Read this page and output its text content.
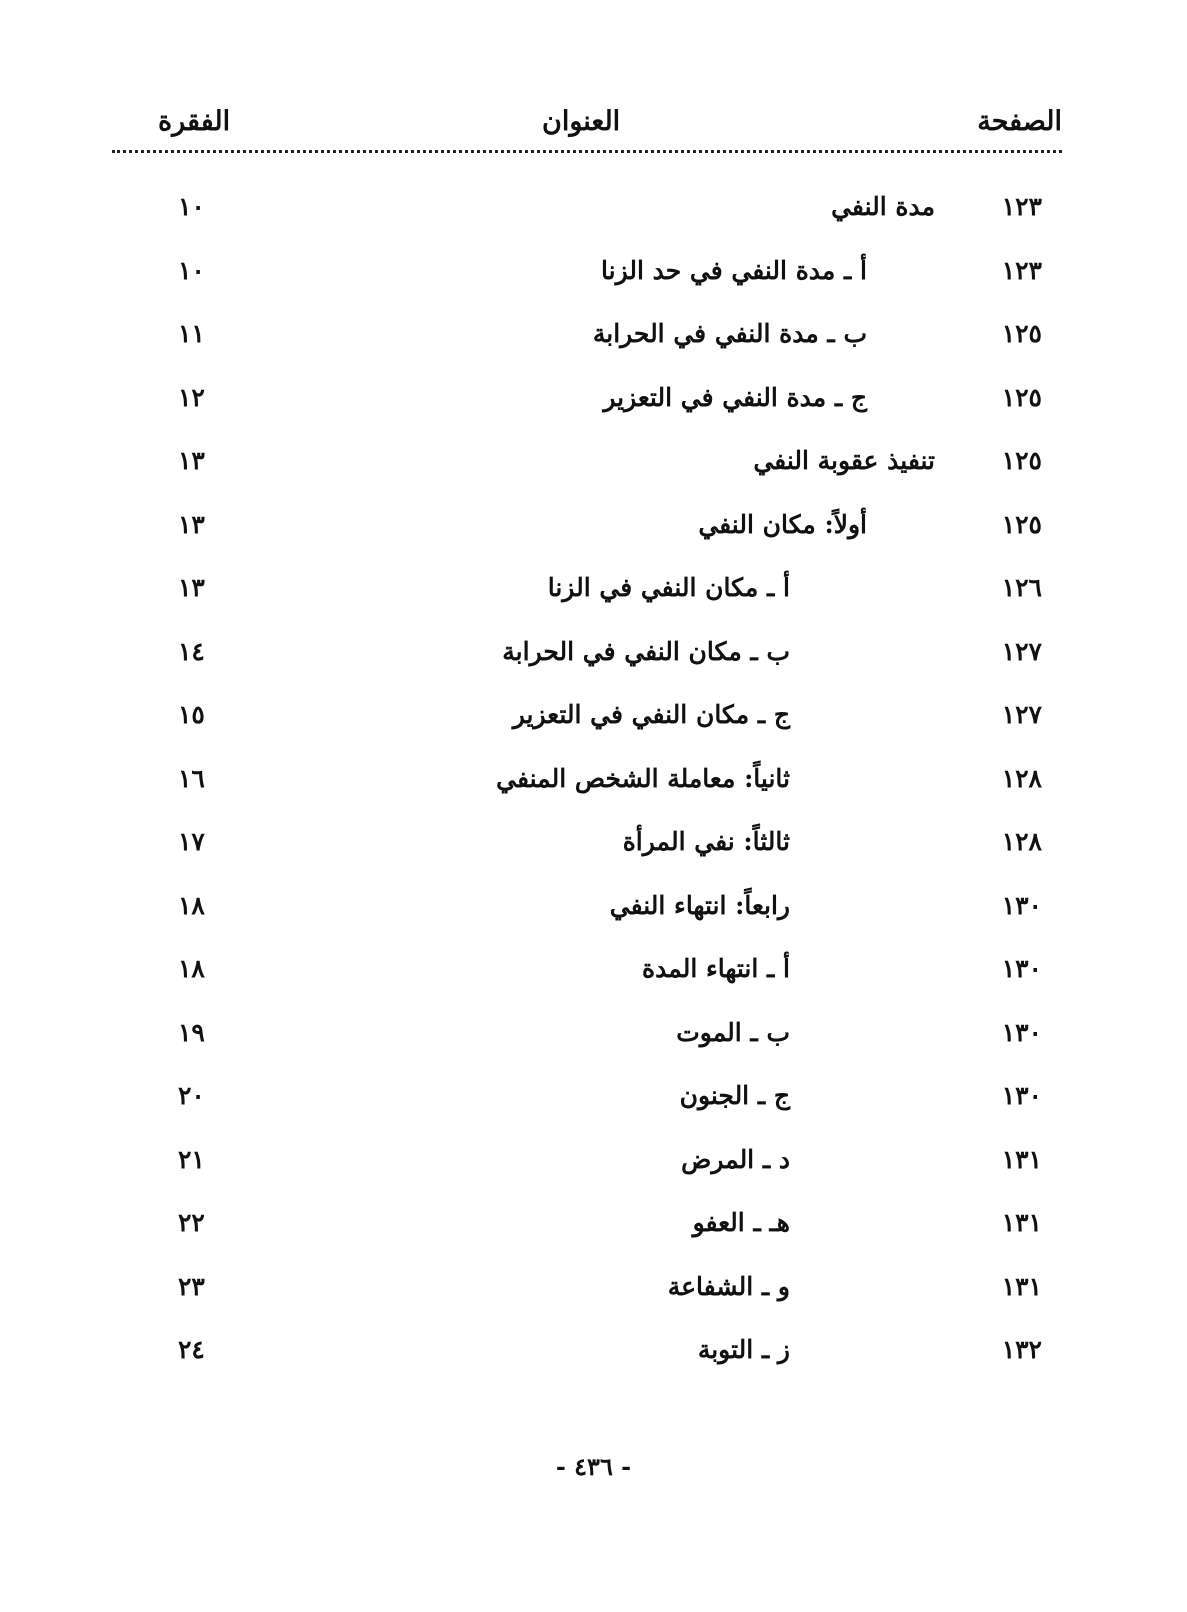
الصفحة
العنوان
الفقرة
١٢٣
مدة النفي
١٠
١٢٣
أ ـ مدة النفي في حد الزنا
١٠
١٢٥
ب ـ مدة النفي في الحرابة
١١
١٢٥
ج ـ مدة النفي في التعزير
١٢
١٢٥
تنفيذ عقوبة النفي
١٣
١٢٥
أولاً: مكان النفي
١٣
١٢٦
أ ـ مكان النفي في الزنا
١٣
١٢٧
ب ـ مكان النفي في الحرابة
١٤
١٢٧
ج ـ مكان النفي في التعزير
١٥
١٢٨
ثانياً: معاملة الشخص المنفي
١٦
١٢٨
ثالثاً: نفي المرأة
١٧
١٣٠
رابعاً: انتهاء النفي
١٨
١٣٠
أ ـ انتهاء المدة
١٨
١٣٠
ب ـ الموت
١٩
١٣٠
ج ـ الجنون
٢٠
١٣١
د ـ المرض
٢١
١٣١
هـ ـ العفو
٢٢
١٣١
و ـ الشفاعة
٢٣
١٣٢
ز ـ التوبة
٢٤
- ٤٣٦ -
